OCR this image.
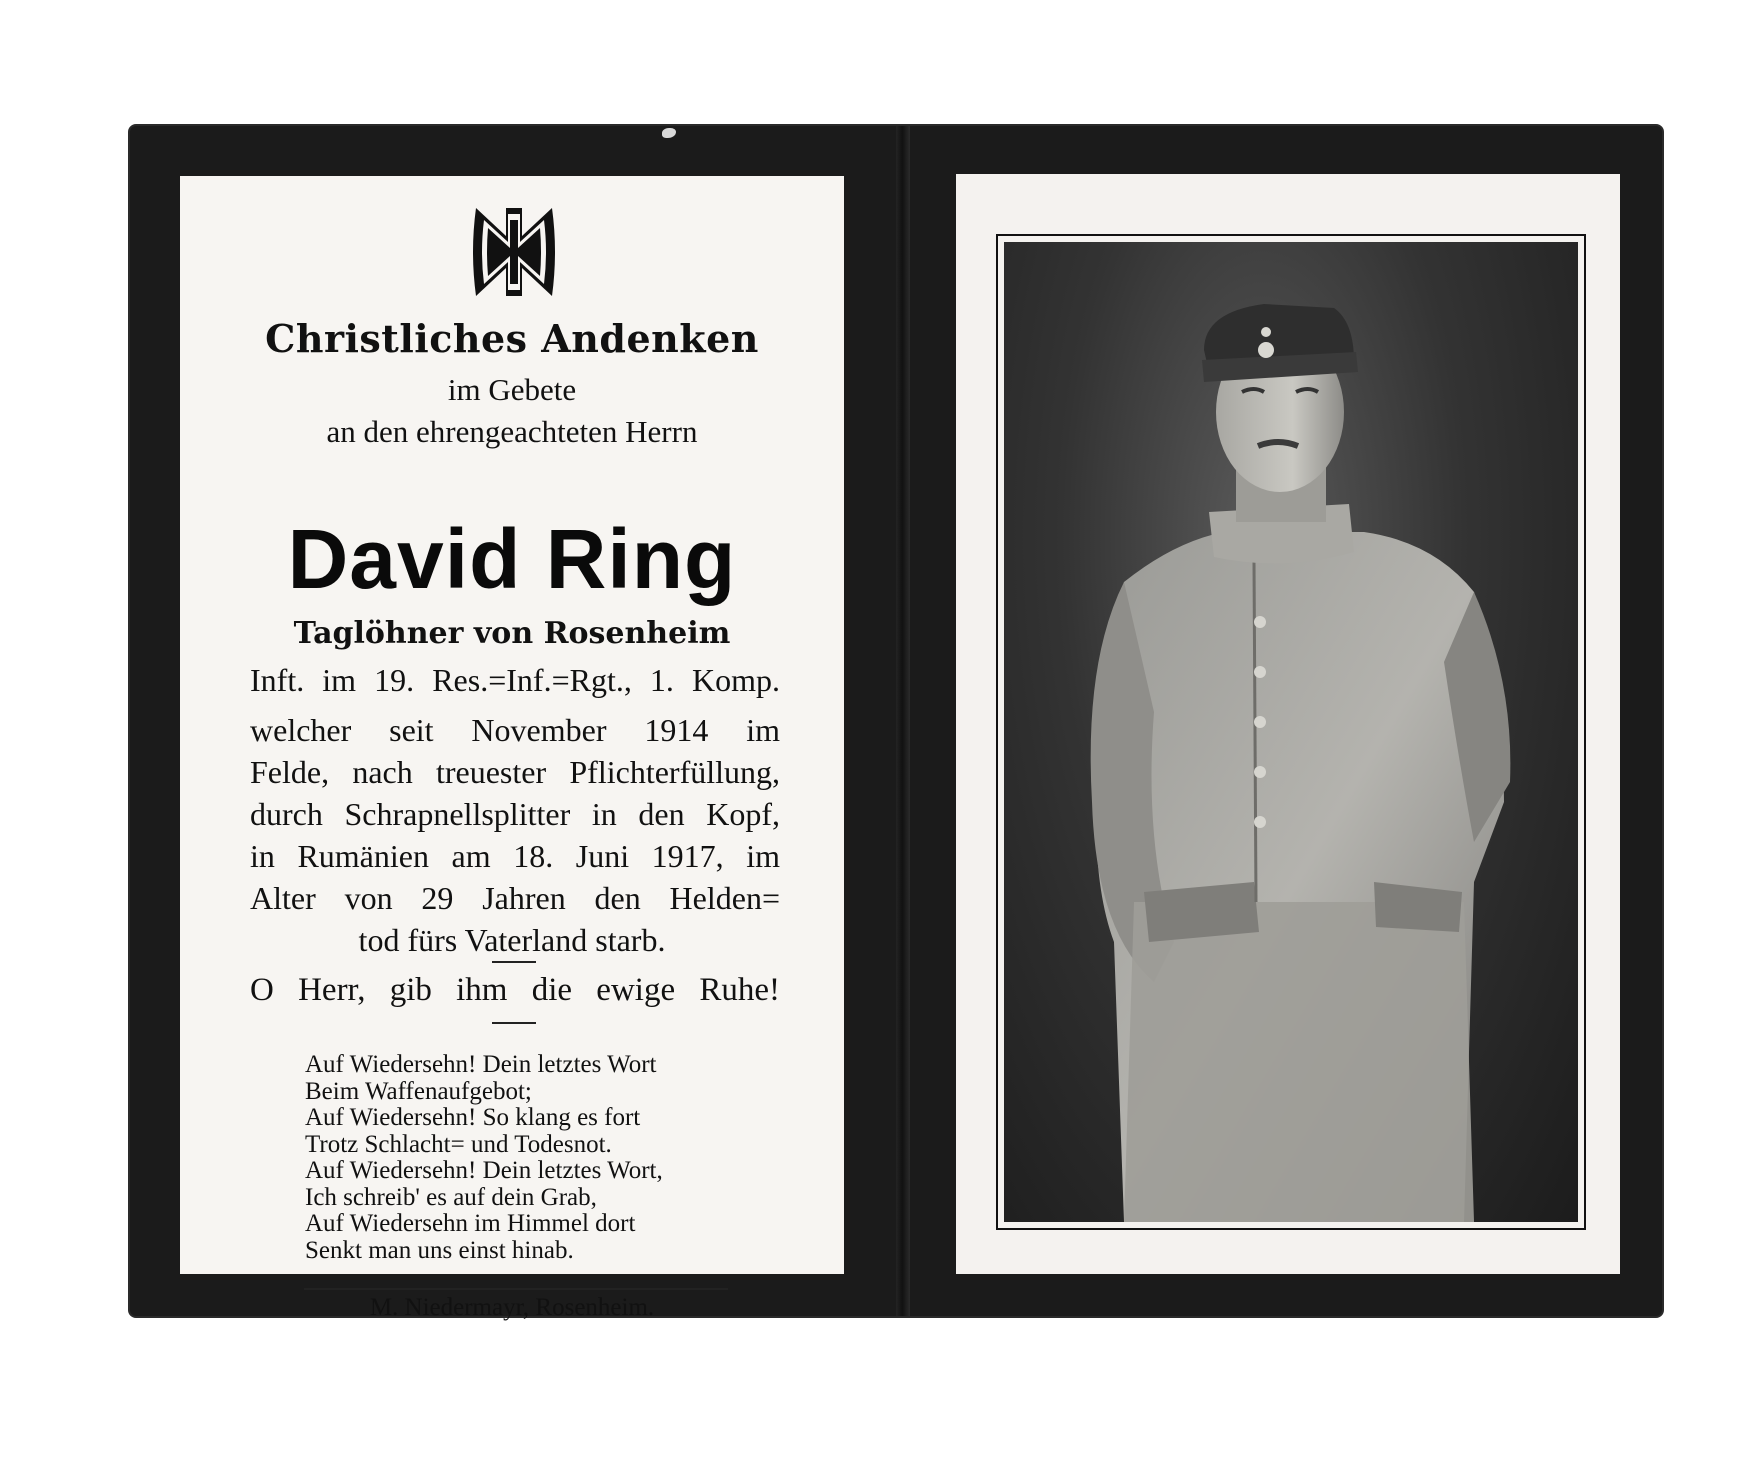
Christliches Andenken
im Gebete
an den ehrengeachteten Herrn
David Ring
Taglöhner von Rosenheim
Inft. im 19. Res.=Inf.=Rgt., 1. Komp.
welcher seit November 1914 im
Felde, nach treuester Pflichterfüllung,
durch Schrapnellsplitter in den Kopf,
in Rumänien am 18. Juni 1917, im
Alter von 29 Jahren den Helden=
tod fürs Vaterland starb.
O Herr, gib ihm die ewige Ruhe!
Auf Wiedersehn! Dein letztes Wort
Beim Waffenaufgebot;
Auf Wiedersehn! So klang es fort
Trotz Schlacht= und Todesnot.
Auf Wiedersehn! Dein letztes Wort,
Ich schreib' es auf dein Grab,
Auf Wiedersehn im Himmel dort
Senkt man uns einst hinab.
M. Niedermayr, Rosenheim.
